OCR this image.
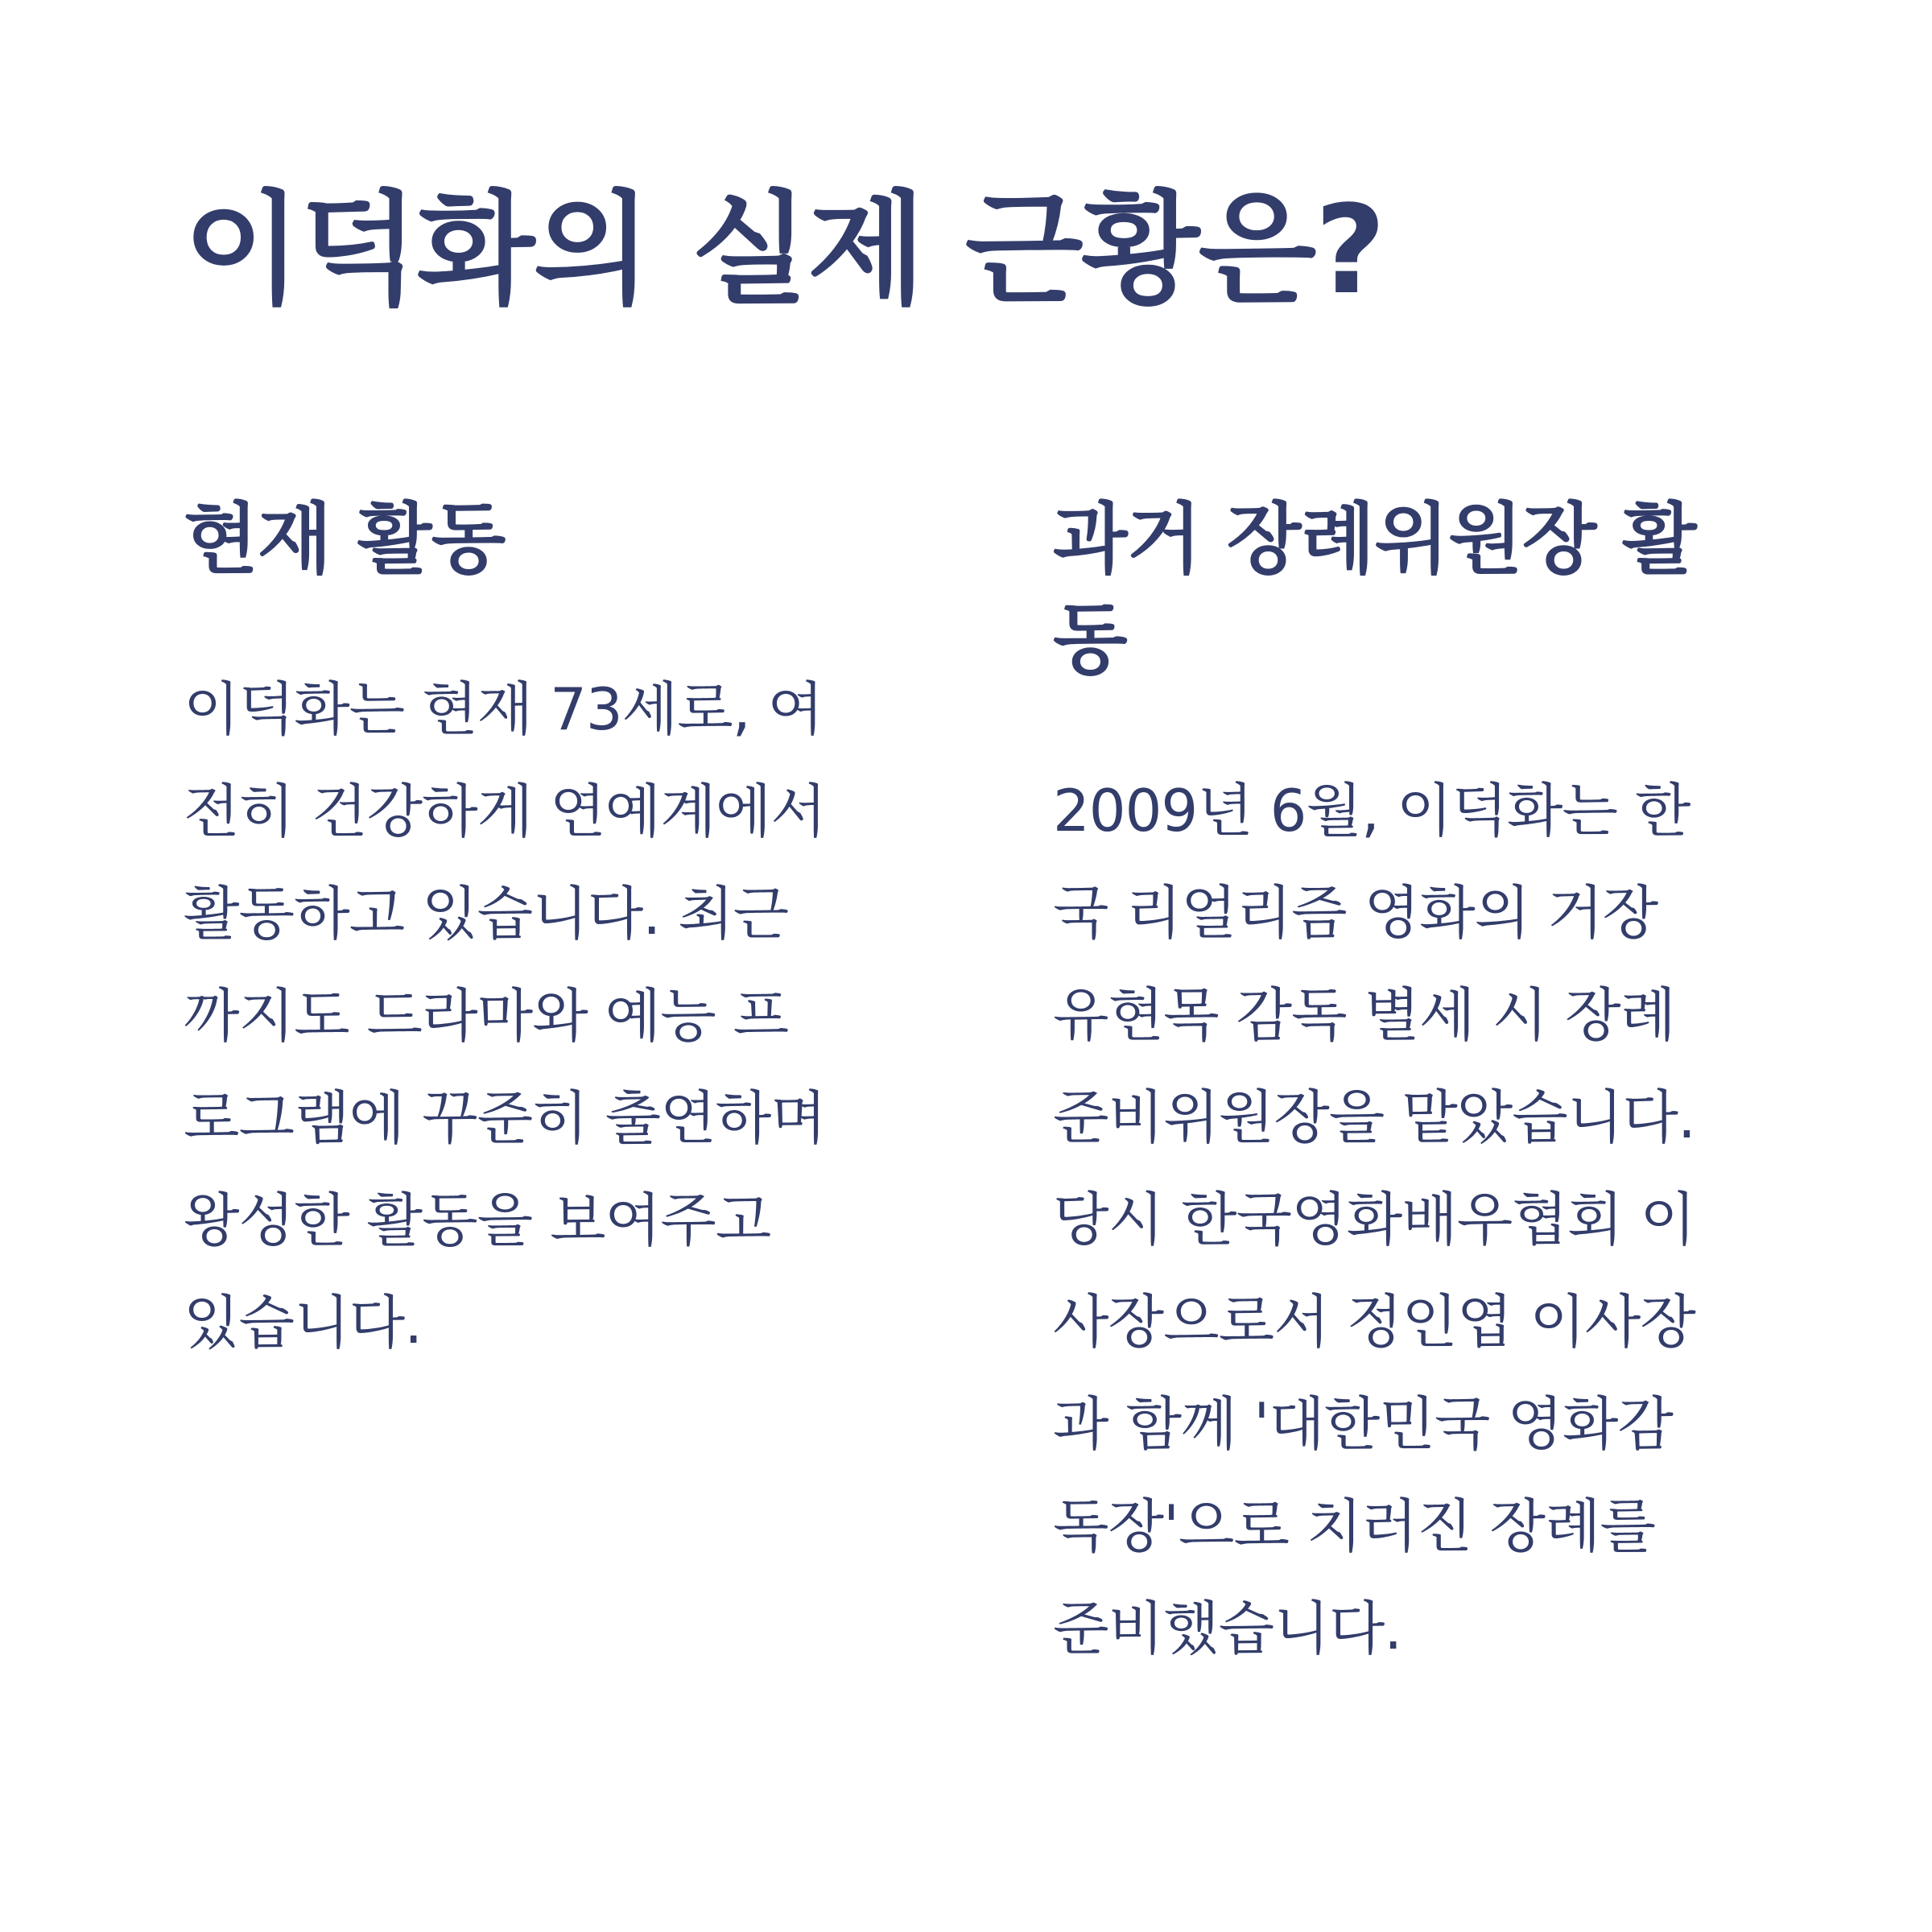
이덕화의 실제 근황은?
현재 활동

이덕화는 현재 73세로, 여
전히 건강하게 연예계에서
활동하고 있습니다. 최근
까지도 드라마와 예능 프
로그램에 꾸준히 출연하며
왕성한 활동을 보여주고
있습니다.

과거 장례위원장 활
동

2009년 6월, 이덕화는 한
국 리얼리즘 영화의 거장
유현목 감독 별세 시 장례
준비위원장을 맡았습니다.
당시 한국영화배우협회 이
사장으로서 정인엽 이사장
과 함께 '대한민국 영화감
독장'으로 치러진 장례를
준비했습니다.
